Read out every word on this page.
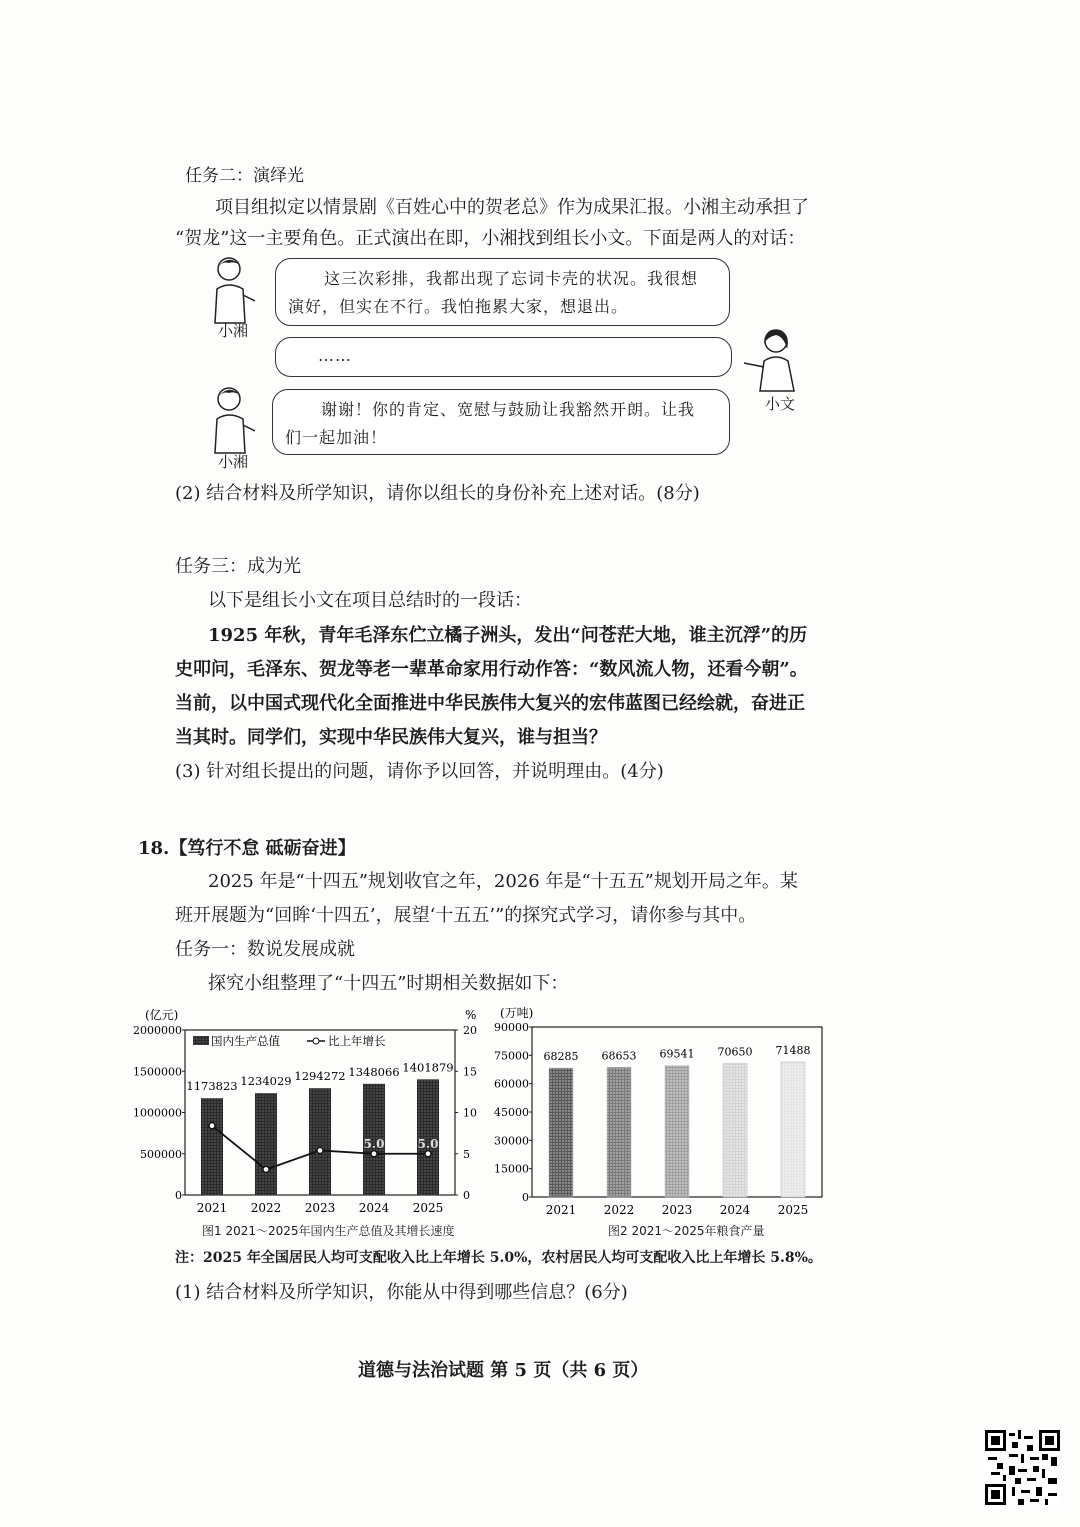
任务二：演绎光
项目组拟定以情景剧《百姓心中的贺老总》作为成果汇报。小湘主动承担了
“贺龙”这一主要角色。正式演出在即，小湘找到组长小文。下面是两人的对话：
小湘
这三次彩排，我都出现了忘词卡壳的状况。我很想
演好，但实在不行。我怕拖累大家，想退出。
……
小文
小湘
谢谢！你的肯定、宽慰与鼓励让我豁然开朗。让我
们一起加油！
(2) 结合材料及所学知识，请你以组长的身份补充上述对话。(8分)
任务三：成为光
以下是组长小文在项目总结时的一段话：
1925 年秋，青年毛泽东伫立橘子洲头，发出“问苍茫大地，谁主沉浮”的历
史叩问，毛泽东、贺龙等老一辈革命家用行动作答：“数风流人物，还看今朝”。
当前，以中国式现代化全面推进中华民族伟大复兴的宏伟蓝图已经绘就，奋进正
当其时。同学们，实现中华民族伟大复兴，谁与担当？
(3) 针对组长提出的问题，请你予以回答，并说明理由。(4分)
18.【笃行不怠 砥砺奋进】
2025 年是“十四五”规划收官之年，2026 年是“十五五”规划开局之年。某
班开展题为“回眸‘十四五’，展望‘十五五’”的探究式学习，请你参与其中。
任务一：数说发展成就
探究小组整理了“十四五”时期相关数据如下：
(亿元)	%
0
500000
1000000
1500000
2000000
0
5
10
15
20
1173823
2021
1234029
2022
1294272
2023
1348066
2024
5.0
1401879
2025
5.0
国内生产总值	比上年增长
图1 2021～2025年国内生产总值及其增长速度
(万吨)
0
15000
30000
45000
60000
75000
90000
68285
2021
68653
2022
69541
2023
70650
2024
71488
2025
图2 2021～2025年粮食产量
注：2025 年全国居民人均可支配收入比上年增长 5.0%，农村居民人均可支配收入比上年增长 5.8%。
(1) 结合材料及所学知识，你能从中得到哪些信息？(6分)
道德与法治试题 第 5 页（共 6 页）
